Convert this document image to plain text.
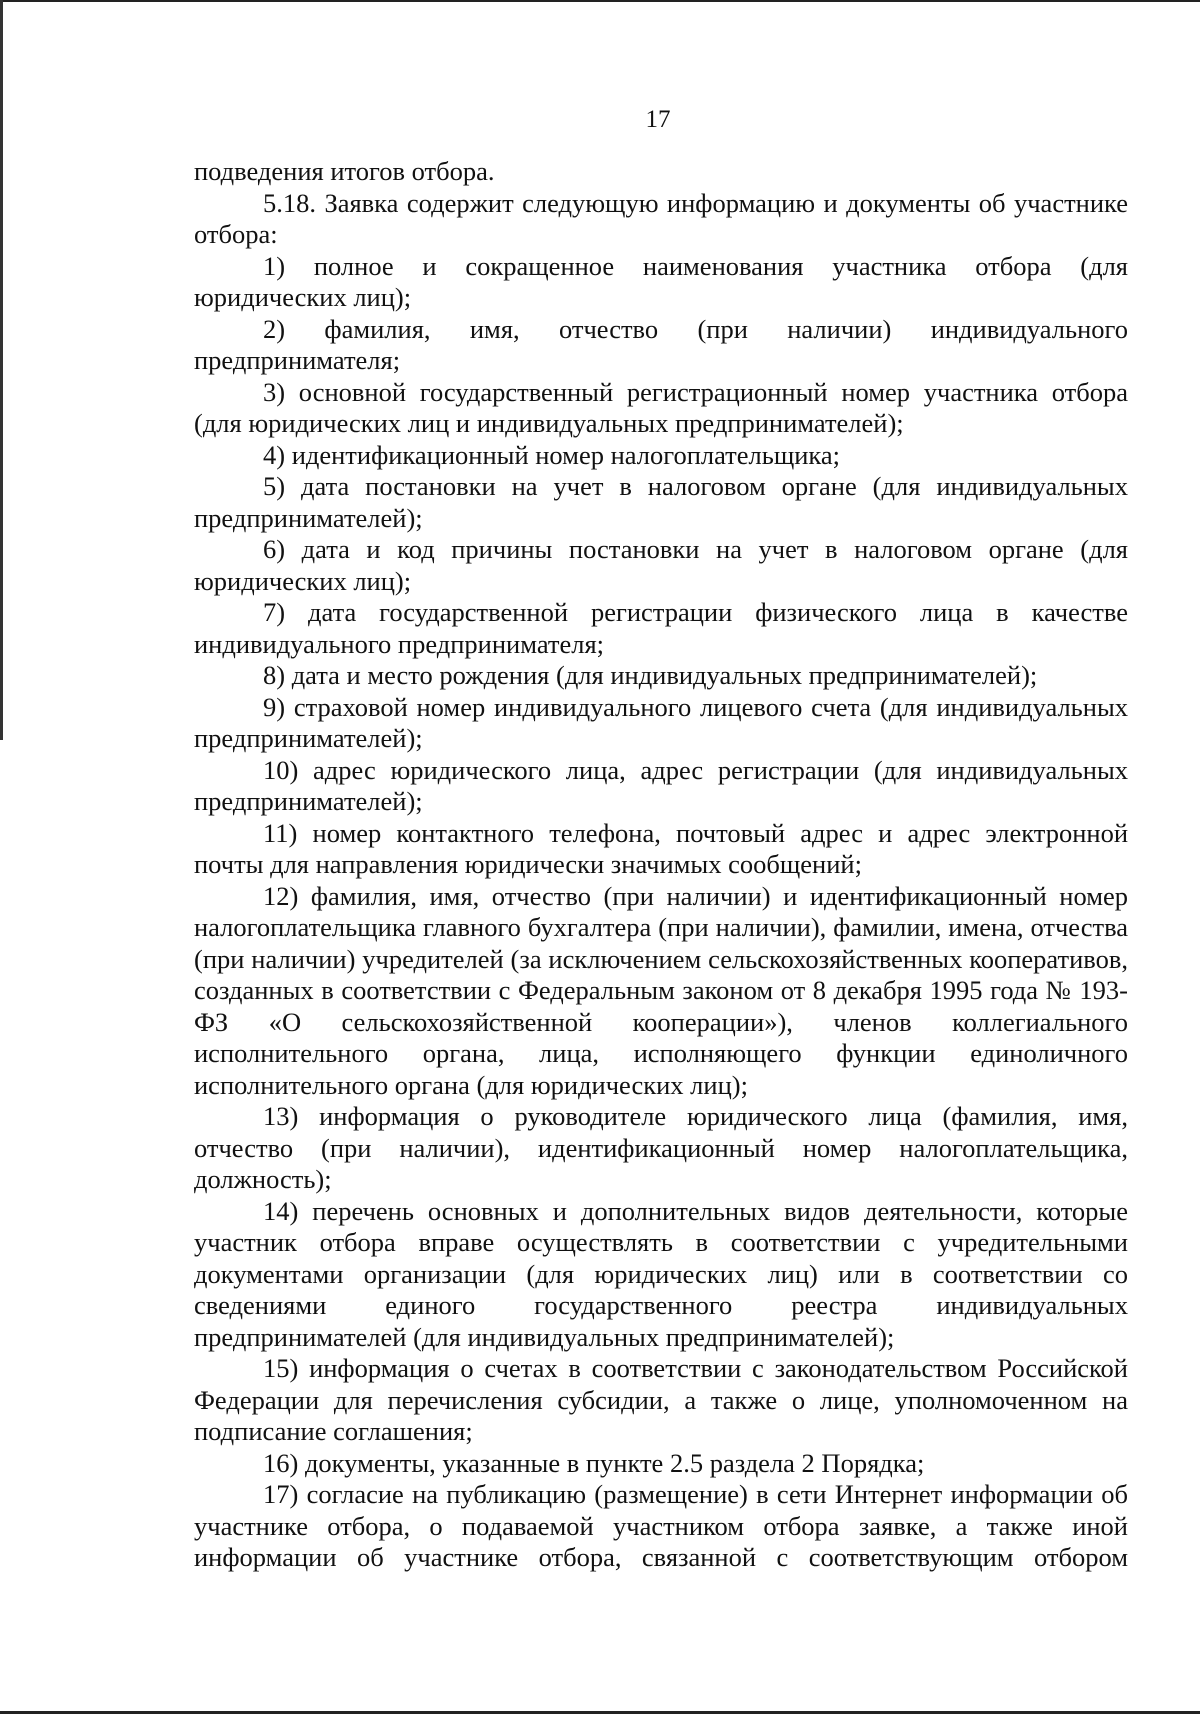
17

подведения итогов отбора.

5.18. Заявка содержит следующую информацию и документы об участнике отбора:

1) полное и сокращенное наименования участника отбора (для юридических лиц);

2) фамилия, имя, отчество (при наличии) индивидуального предпринимателя;

3) основной государственный регистрационный номер участника отбора (для юридических лиц и индивидуальных предпринимателей);

4) идентификационный номер налогоплательщика;

5) дата постановки на учет в налоговом органе (для индивидуальных предпринимателей);

6) дата и код причины постановки на учет в налоговом органе (для юридических лиц);

7) дата государственной регистрации физического лица в качестве индивидуального предпринимателя;

8) дата и место рождения (для индивидуальных предпринимателей);

9) страховой номер индивидуального лицевого счета (для индивидуальных предпринимателей);

10) адрес юридического лица, адрес регистрации (для индивидуальных предпринимателей);

11) номер контактного телефона, почтовый адрес и адрес электронной почты для направления юридически значимых сообщений;

12) фамилия, имя, отчество (при наличии) и идентификационный номер налогоплательщика главного бухгалтера (при наличии), фамилии, имена, отчества (при наличии) учредителей (за исключением сельскохозяйственных кооперативов, созданных в соответствии с Федеральным законом от 8 декабря 1995 года № 193-ФЗ «О сельскохозяйственной кооперации»), членов коллегиального исполнительного органа, лица, исполняющего функции единоличного исполнительного органа (для юридических лиц);

13) информация о руководителе юридического лица (фамилия, имя, отчество (при наличии), идентификационный номер налогоплательщика, должность);

14) перечень основных и дополнительных видов деятельности, которые участник отбора вправе осуществлять в соответствии с учредительными документами организации (для юридических лиц) или в соответствии со сведениями единого государственного реестра индивидуальных предпринимателей (для индивидуальных предпринимателей);

15) информация о счетах в соответствии с законодательством Российской Федерации для перечисления субсидии, а также о лице, уполномоченном на подписание соглашения;

16) документы, указанные в пункте 2.5 раздела 2 Порядка;

17) согласие на публикацию (размещение) в сети Интернет информации об участнике отбора, о подаваемой участником отбора заявке, а также иной информации об участнике отбора, связанной с соответствующим отбором
